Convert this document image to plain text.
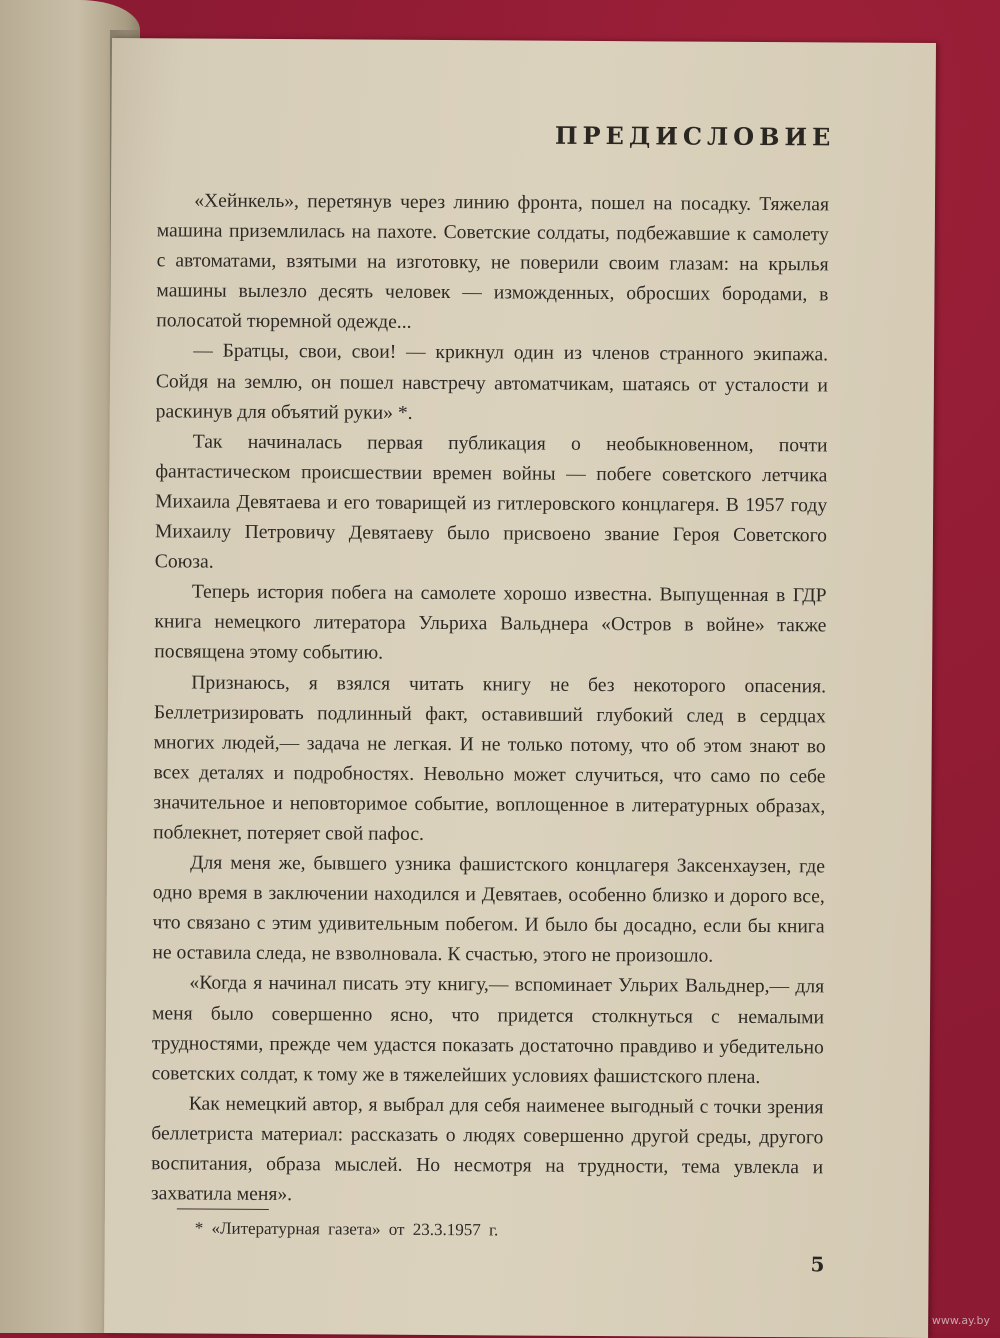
ПРЕДИСЛОВИЕ

«Хейнкель», перетянув через линию фронта, пошел на посадку. Тяжелая машина приземлилась на пахоте. Советские солдаты, подбежавшие к самолету с автоматами, взятыми на изготовку, не поверили своим глазам: на крылья машины вылезло десять человек — изможденных, обросших бородами, в полосатой тюремной одежде...

— Братцы, свои, свои! — крикнул один из членов странного экипажа. Сойдя на землю, он пошел навстречу автоматчикам, шатаясь от усталости и раскинув для объятий руки» *.

Так начиналась первая публикация о необыкновенном, почти фантастическом происшествии времен войны — побеге советского летчика Михаила Девятаева и его товарищей из гитлеровского концлагеря. В 1957 году Михаилу Петровичу Девятаеву было присвоено звание Героя Советского Союза.

Теперь история побега на самолете хорошо известна. Выпущенная в ГДР книга немецкого литератора Ульриха Вальднера «Остров в войне» также посвящена этому событию.

Признаюсь, я взялся читать книгу не без некоторого опасения. Беллетризировать подлинный факт, оставивший глубокий след в сердцах многих людей,— задача не легкая. И не только потому, что об этом знают во всех деталях и подробностях. Невольно может случиться, что само по себе значительное и неповторимое событие, воплощенное в литературных образах, поблекнет, потеряет свой пафос.

Для меня же, бывшего узника фашистского концлагеря Заксенхаузен, где одно время в заключении находился и Девятаев, особенно близко и дорого все, что связано с этим удивительным побегом. И было бы досадно, если бы книга не оставила следа, не взволновала. К счастью, этого не произошло.

«Когда я начинал писать эту книгу,— вспоминает Ульрих Вальднер,— для меня было совершенно ясно, что придется столкнуться с немалыми трудностями, прежде чем удастся показать достаточно правдиво и убедительно советских солдат, к тому же в тяжелейших условиях фашистского плена.

Как немецкий автор, я выбрал для себя наименее выгодный с точки зрения беллетриста материал: рассказать о людях совершенно другой среды, другого воспитания, образа мыслей. Но несмотря на трудности, тема увлекла и захватила меня».

* «Литературная газета» от 23.3.1957 г.
5
www.ay.by
